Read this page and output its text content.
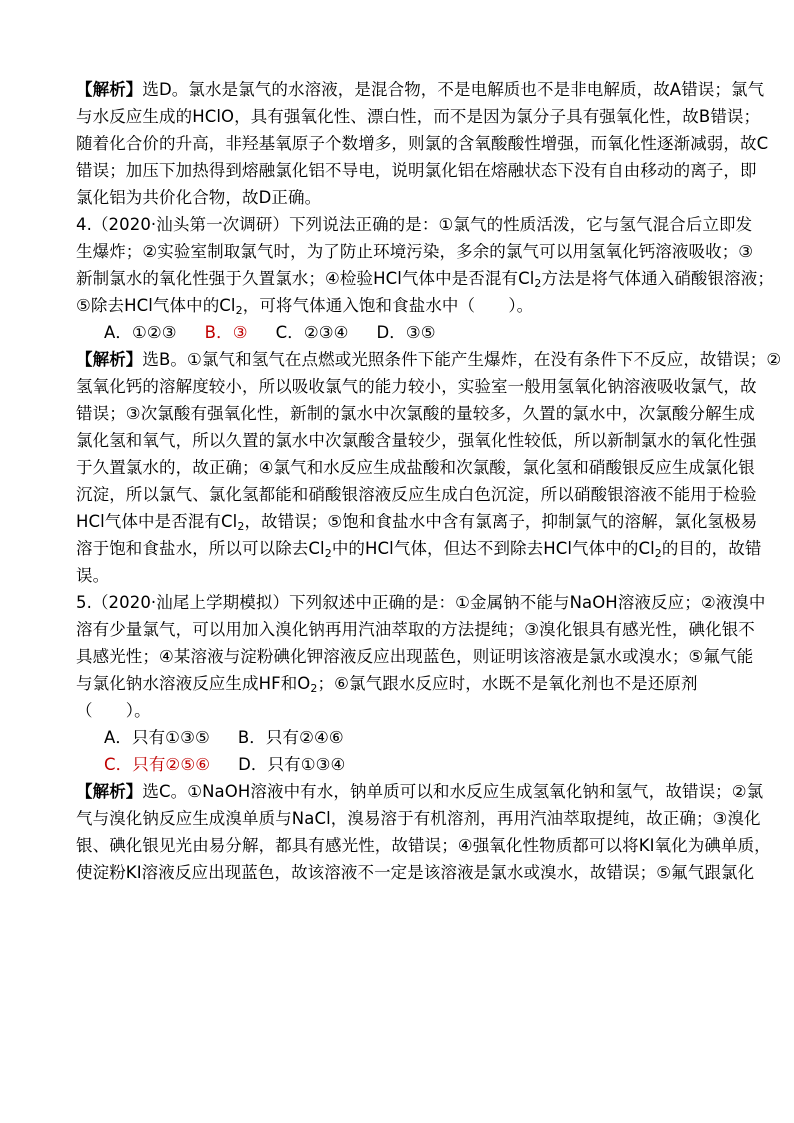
【解析】选D。氯水是氯气的水溶液，是混合物，不是电解质也不是非电解质，故A错误；氯气
与水反应生成的HClO，具有强氧化性、漂白性，而不是因为氯分子具有强氧化性，故B错误；
随着化合价的升高，非羟基氧原子个数增多，则氯的含氧酸酸性增强，而氧化性逐渐减弱，故C
错误；加压下加热得到熔融氯化铝不导电，说明氯化铝在熔融状态下没有自由移动的离子，即
氯化铝为共价化合物，故D正确。
4.（2020·汕头第一次调研）下列说法正确的是：①氯气的性质活泼，它与氢气混合后立即发
生爆炸；②实验室制取氯气时，为了防止环境污染，多余的氯气可以用氢氧化钙溶液吸收；③
新制氯水的氧化性强于久置氯水；④检验HCl气体中是否混有$Cl_2$方法是将气体通入硝酸银溶液；
⑤除去HCl气体中的$Cl_2$，可将气体通入饱和食盐水中（　　）。
A．①②③ B．③ C．②③④ D．③⑤
【解析】选B。①氯气和氢气在点燃或光照条件下能产生爆炸，在没有条件下不反应，故错误；②
氢氧化钙的溶解度较小，所以吸收氯气的能力较小，实验室一般用氢氧化钠溶液吸收氯气，故
错误；③次氯酸有强氧化性，新制的氯水中次氯酸的量较多，久置的氯水中，次氯酸分解生成
氯化氢和氧气，所以久置的氯水中次氯酸含量较少，强氧化性较低，所以新制氯水的氧化性强
于久置氯水的，故正确；④氯气和水反应生成盐酸和次氯酸，氯化氢和硝酸银反应生成氯化银
沉淀，所以氯气、氯化氢都能和硝酸银溶液反应生成白色沉淀，所以硝酸银溶液不能用于检验
HCl气体中是否混有$Cl_2$，故错误；⑤饱和食盐水中含有氯离子，抑制氯气的溶解，氯化氢极易
溶于饱和食盐水，所以可以除去$Cl_2$中的HCl气体，但达不到除去HCl气体中的$Cl_2$的目的，故错
误。
5.（2020·汕尾上学期模拟）下列叙述中正确的是：①金属钠不能与NaOH溶液反应；②液溴中
溶有少量氯气，可以用加入溴化钠再用汽油萃取的方法提纯；③溴化银具有感光性，碘化银不
具感光性；④某溶液与淀粉碘化钾溶液反应出现蓝色，则证明该溶液是氯水或溴水；⑤氟气能
与氯化钠水溶液反应生成HF和$O_2$；⑥氯气跟水反应时，水既不是氧化剂也不是还原剂
（　　）。
A．只有①③⑤ B．只有②④⑥
C．只有②⑤⑥ D．只有①③④
【解析】选C。①NaOH溶液中有水，钠单质可以和水反应生成氢氧化钠和氢气，故错误；②氯
气与溴化钠反应生成溴单质与NaCl，溴易溶于有机溶剂，再用汽油萃取提纯，故正确；③溴化
银、碘化银见光由易分解，都具有感光性，故错误；④强氧化性物质都可以将KI氧化为碘单质，
使淀粉KI溶液反应出现蓝色，故该溶液不一定是该溶液是氯水或溴水，故错误；⑤氟气跟氯化
